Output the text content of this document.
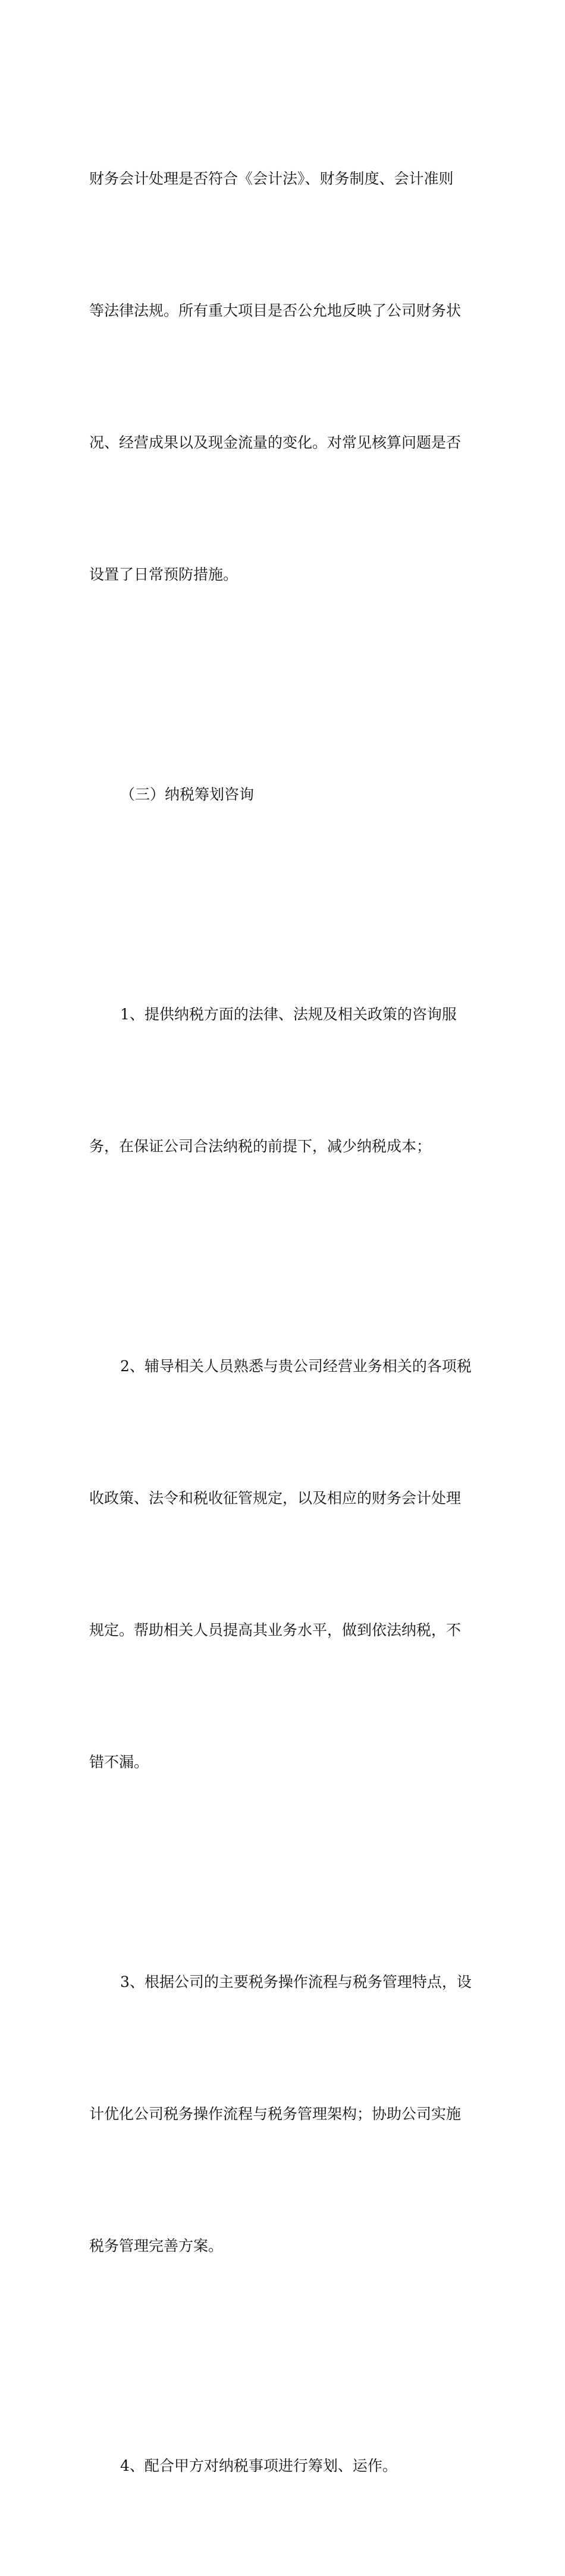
财务会计处理是否符合《会计法》、财务制度、会计准则

等法律法规。所有重大项目是否公允地反映了公司财务状

况、经营成果以及现金流量的变化。对常见核算问题是否

设置了日常预防措施。

（三）纳税筹划咨询

1、提供纳税方面的法律、法规及相关政策的咨询服

务，在保证公司合法纳税的前提下，减少纳税成本；

2、辅导相关人员熟悉与贵公司经营业务相关的各项税

收政策、法令和税收征管规定，以及相应的财务会计处理

规定。帮助相关人员提高其业务水平，做到依法纳税，不

错不漏。

3、根据公司的主要税务操作流程与税务管理特点，设

计优化公司税务操作流程与税务管理架构；协助公司实施

税务管理完善方案。

4、配合甲方对纳税事项进行筹划、运作。
